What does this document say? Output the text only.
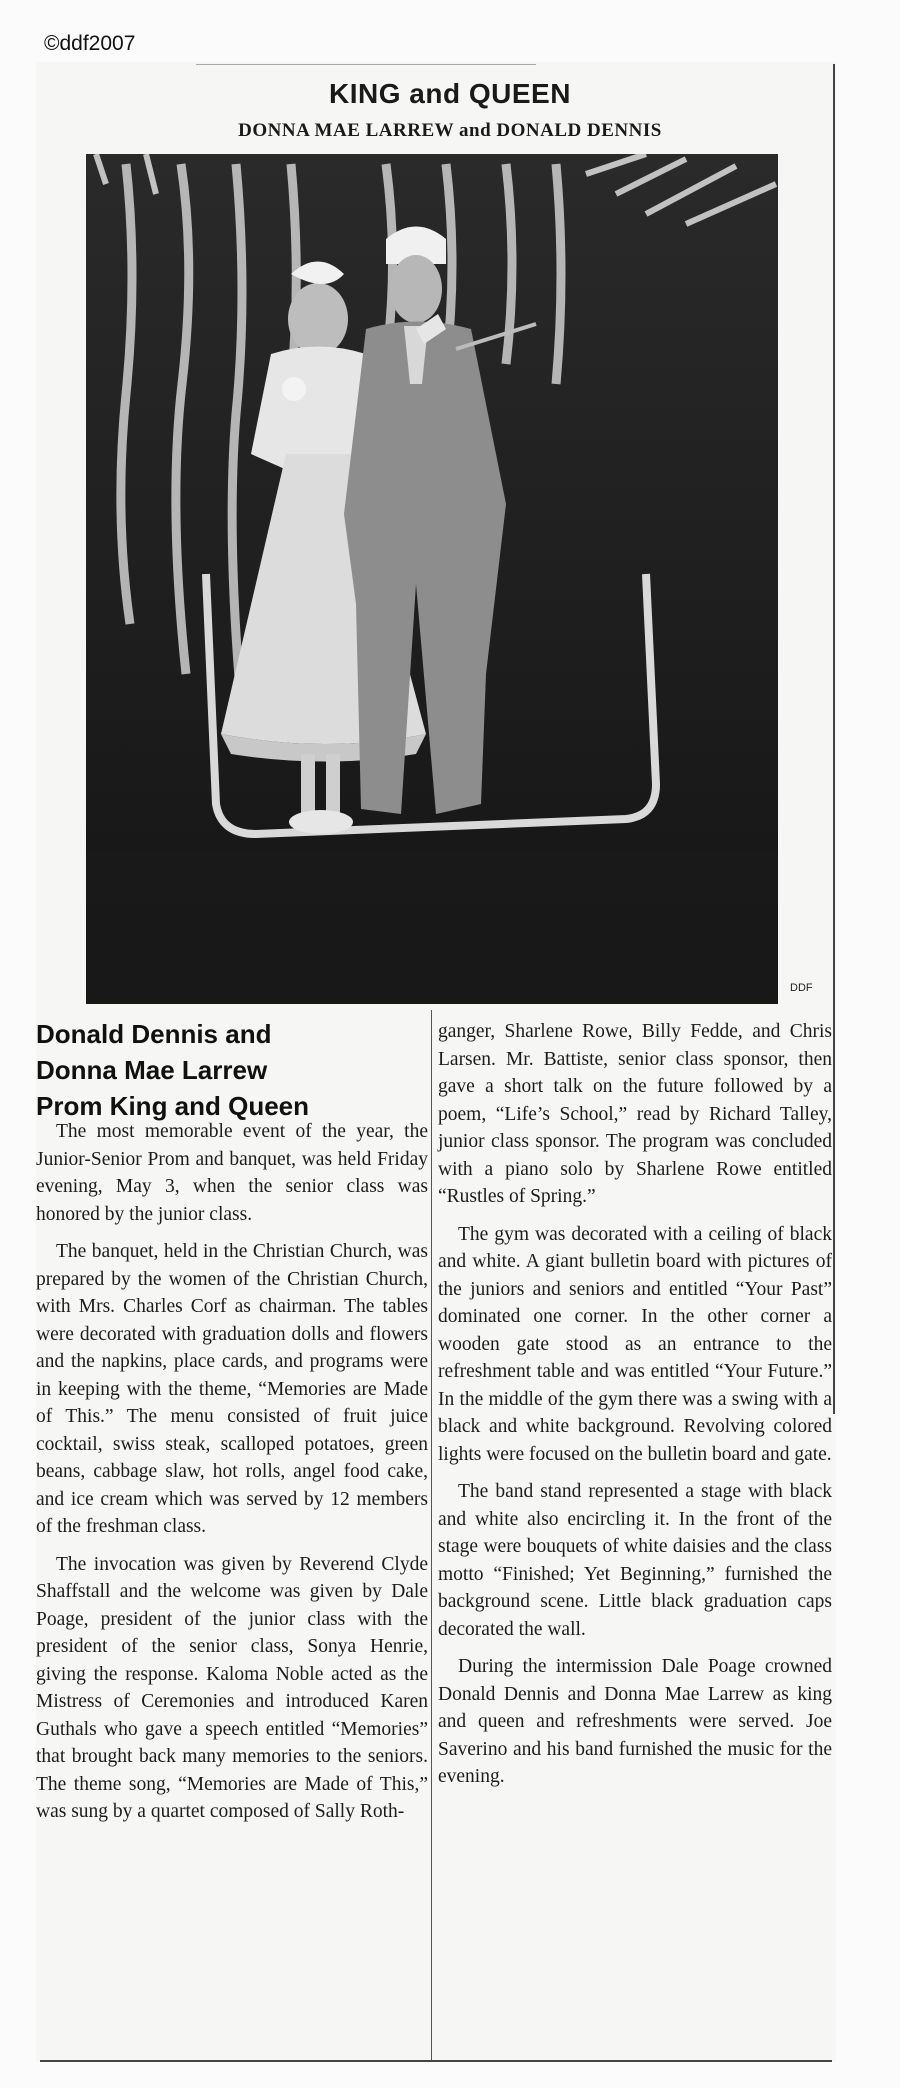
©ddf2007
KING and QUEEN
DONNA MAE LARREW and DONALD DENNIS
DDF
Donald Dennis and
Donna Mae Larrew
Prom King and Queen

The most memorable event of the year, the Junior-Senior Prom and banquet, was held Friday evening, May 3, when the senior class was honored by the junior class.

The banquet, held in the Christian Church, was prepared by the women of the Christian Church, with Mrs. Charles Corf as chairman. The tables were decorated with graduation dolls and flowers and the napkins, place cards, and programs were in keeping with the theme, “Memories are Made of This.” The menu consisted of fruit juice cocktail, swiss steak, scalloped potatoes, green beans, cabbage slaw, hot rolls, angel food cake, and ice cream which was served by 12 members of the freshman class.

The invocation was given by Reverend Clyde Shaffstall and the welcome was given by Dale Poage, president of the junior class with the president of the senior class, Sonya Henrie, giving the response. Kaloma Noble acted as the Mistress of Ceremonies and introduced Karen Guthals who gave a speech entitled “Memories” that brought back many memories to the seniors. The theme song, “Memories are Made of This,” was sung by a quartet composed of Sally Roth-

ganger, Sharlene Rowe, Billy Fedde, and Chris Larsen. Mr. Battiste, senior class sponsor, then gave a short talk on the future followed by a poem, “Life’s School,” read by Richard Talley, junior class sponsor. The program was concluded with a piano solo by Sharlene Rowe entitled “Rustles of Spring.”

The gym was decorated with a ceiling of black and white. A giant bulletin board with pictures of the juniors and seniors and entitled “Your Past” dominated one corner. In the other corner a wooden gate stood as an entrance to the refreshment table and was entitled “Your Future.” In the middle of the gym there was a swing with a black and white background. Revolving colored lights were focused on the bulletin board and gate.

The band stand represented a stage with black and white also encircling it. In the front of the stage were bouquets of white daisies and the class motto “Finished; Yet Beginning,” furnished the background scene. Little black graduation caps decorated the wall.

During the intermission Dale Poage crowned Donald Dennis and Donna Mae Larrew as king and queen and refreshments were served. Joe Saverino and his band furnished the music for the evening.
